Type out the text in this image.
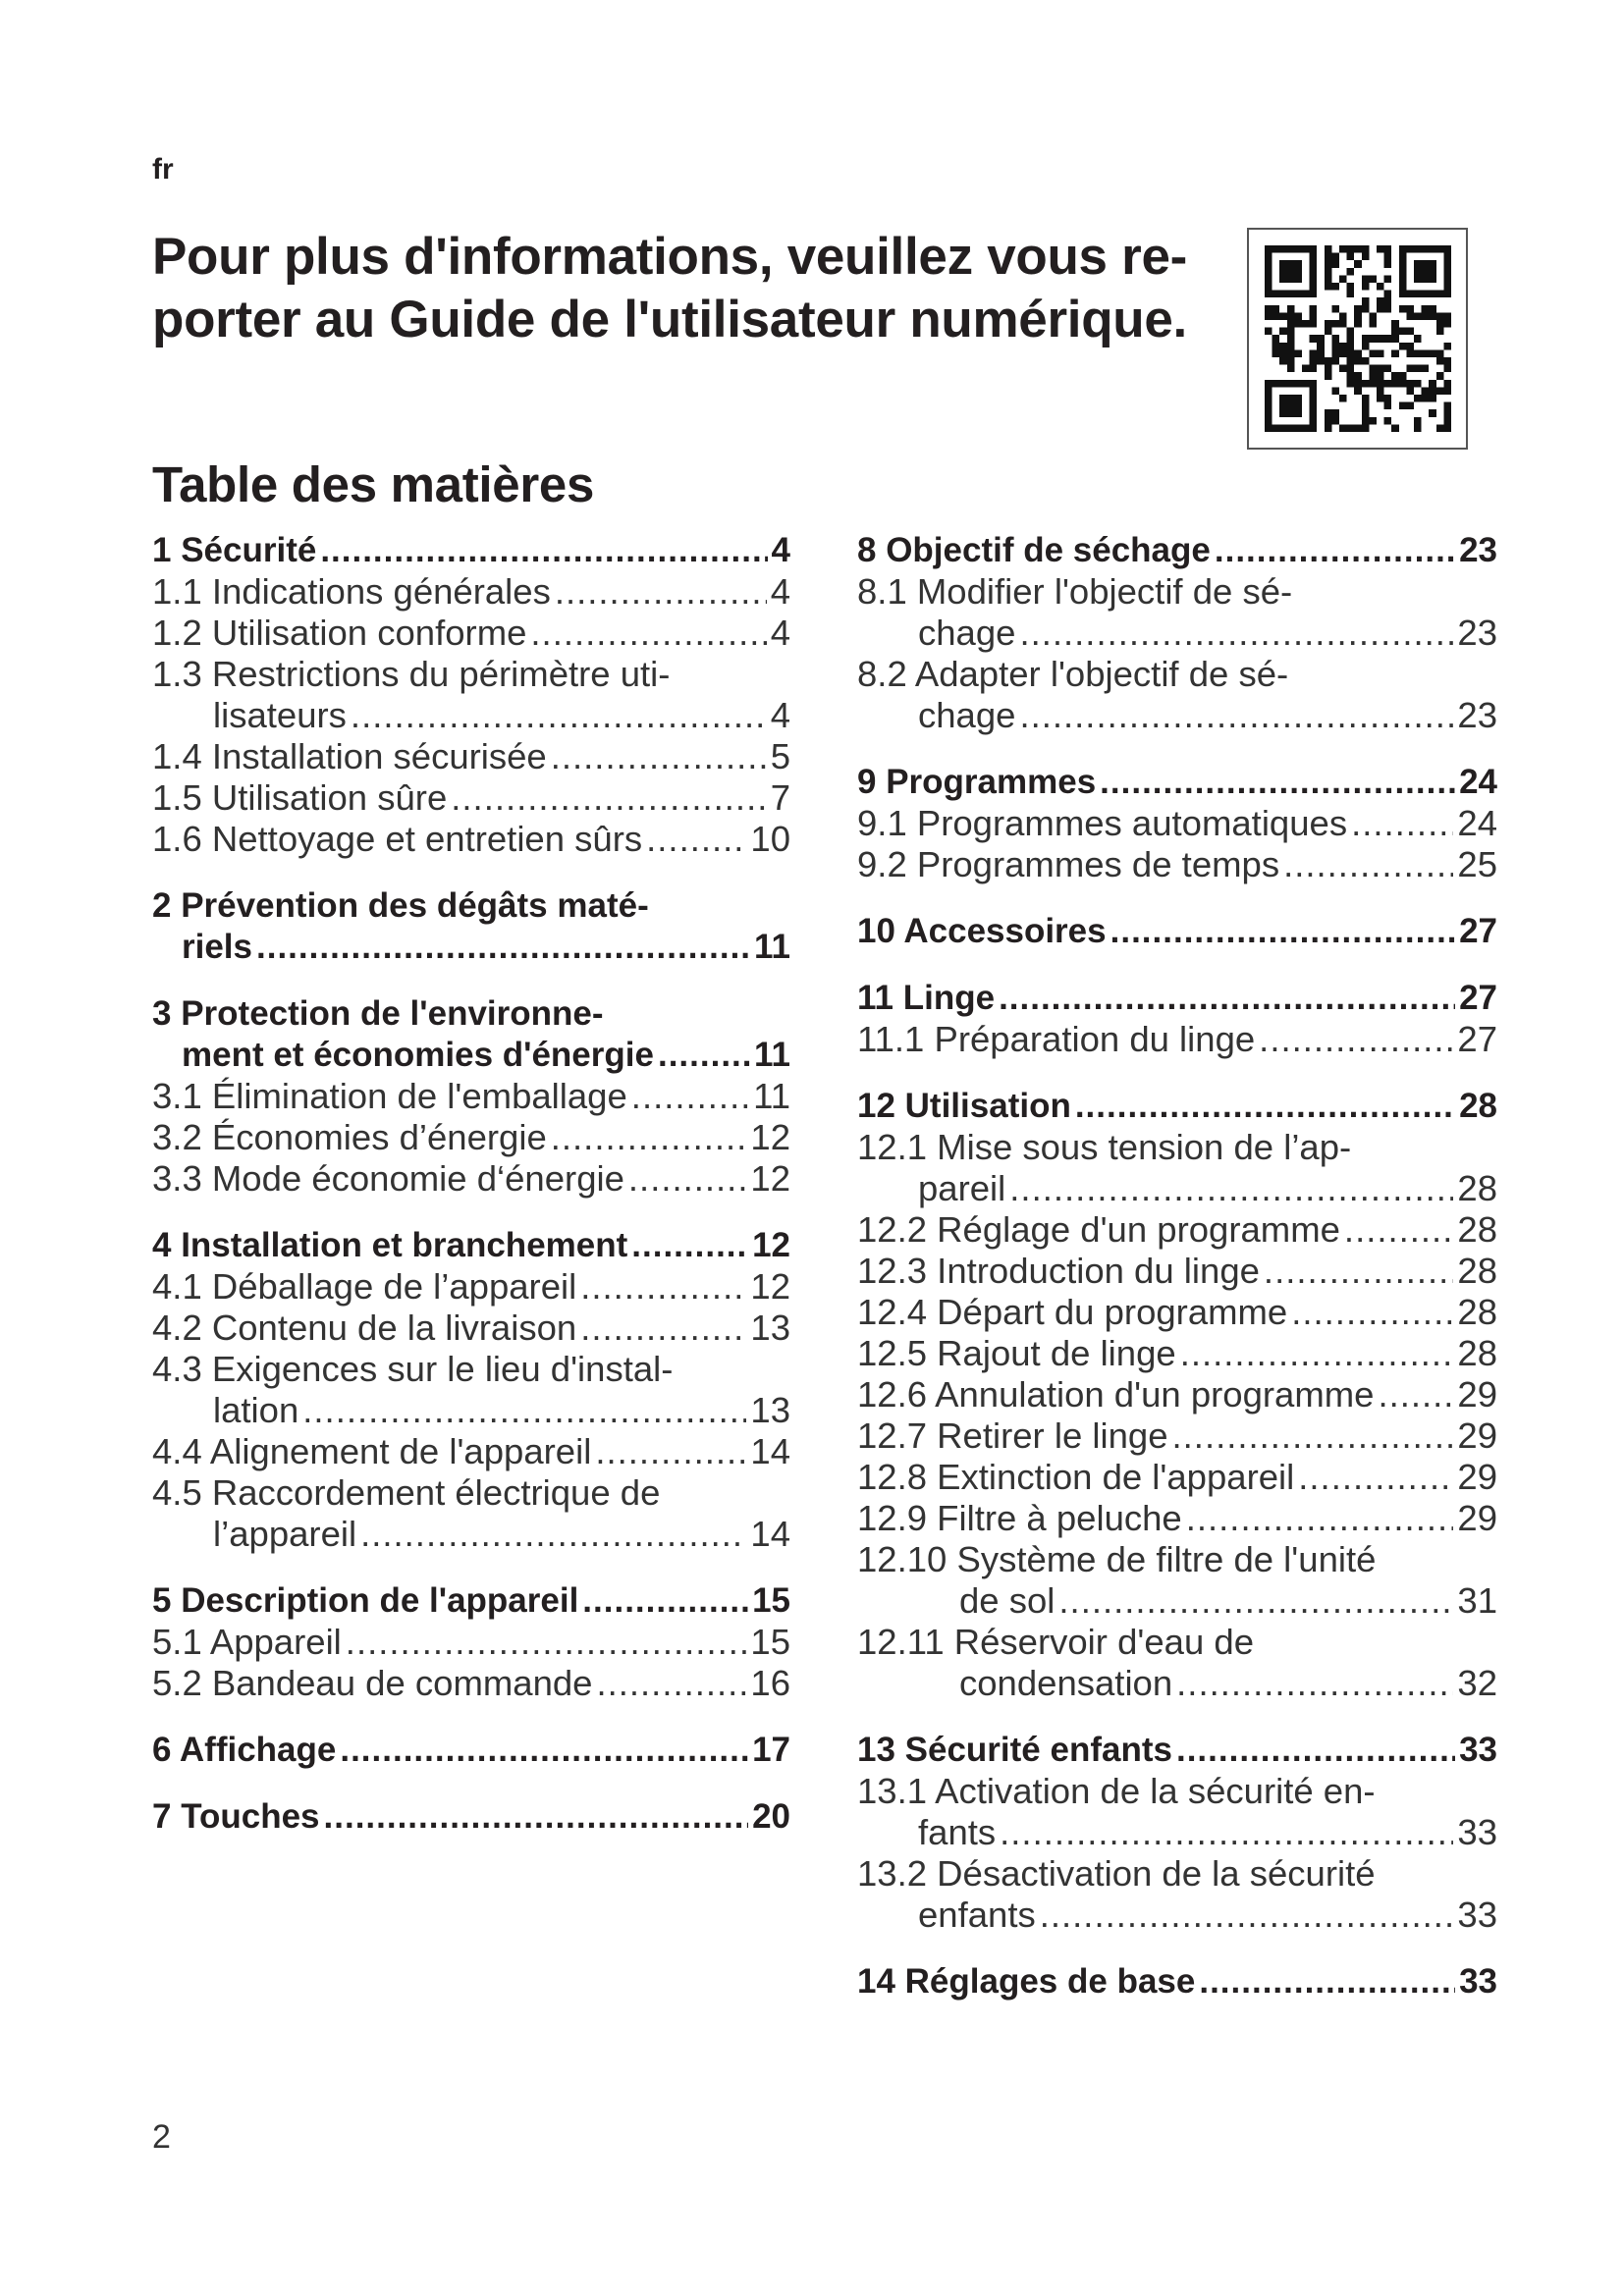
fr
Pour plus d'informations, veuillez vous re-
porter au Guide de l'utilisateur numérique.
Table des matières
1 Sécurité .....	4
1.1 Indications générales .....	4
1.2 Utilisation conforme .....	4
1.3 Restrictions du périmètre uti-
lisateurs .....	4
1.4 Installation sécurisée .....	5
1.5 Utilisation sûre .....	7
1.6 Nettoyage et entretien sûrs .....	10
2 Prévention des dégâts maté-
riels .....	11
3 Protection de l'environne-
ment et économies d'énergie .....	11
3.1 Élimination de l'emballage .....	11
3.2 Économies d’énergie .....	12
3.3 Mode économie d‘énergie .....	12
4 Installation et branchement .....	12
4.1 Déballage de l’appareil .....	12
4.2 Contenu de la livraison .....	13
4.3 Exigences sur le lieu d'instal-
lation .....	13
4.4 Alignement de l'appareil .....	14
4.5 Raccordement électrique de
l’appareil .....	14
5 Description de l'appareil .....	15
5.1 Appareil .....	15
5.2 Bandeau de commande .....	16
6 Affichage .....	17
7 Touches .....	20
8 Objectif de séchage .....	23
8.1 Modifier l'objectif de sé-
chage .....	23
8.2 Adapter l'objectif de sé-
chage .....	23
9 Programmes .....	24
9.1 Programmes automatiques .....	24
9.2 Programmes de temps .....	25
10 Accessoires .....	27
11 Linge .....	27
11.1 Préparation du linge .....	27
12 Utilisation .....	28
12.1 Mise sous tension de l’ap-
pareil .....	28
12.2 Réglage d'un programme .....	28
12.3 Introduction du linge .....	28
12.4 Départ du programme .....	28
12.5 Rajout de linge .....	28
12.6 Annulation d'un programme ..... 29
12.7 Retirer le linge .....	29
12.8 Extinction de l'appareil .....	29
12.9 Filtre à peluche .....	29
12.10 Système de filtre de l'unité
de sol .....	31
12.11 Réservoir d'eau de
condensation .....	32
13 Sécurité enfants .....	33
13.1 Activation de la sécurité en-
fants .....	33
13.2 Désactivation de la sécurité
enfants .....	33
14 Réglages de base .....	33
2
